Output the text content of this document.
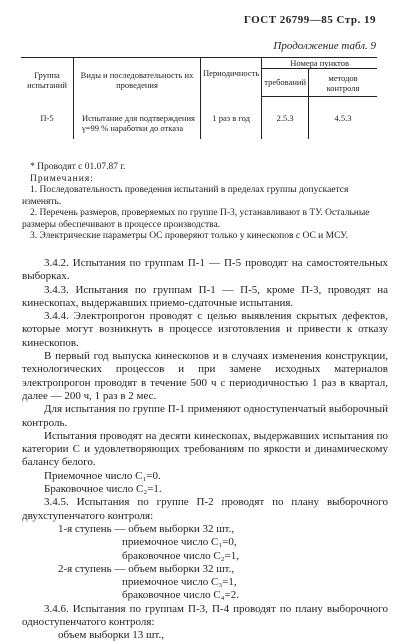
ГОСТ 26799—85 Стр. 19
Продолжение табл. 9
Группа испытаний	Виды и последовательность их проведения	Периодичность	Номера пунктов	
			требований	методов контроля
П-5	Испытание для подтверждения γ=99 % наработки до отказа	1 раз в год	2.5.3	4.5.3

* Проводят с 01.07.87 г.

Примечания:

1. Последовательность проведения испытаний в пределах группы допускается изменять.

2. Перечень размеров, проверяемых по группе П-3, устанавливают в ТУ. Остальные размеры обеспечивают в процессе производства.

3. Электрические параметры ОС проверяют только у кинескопов с ОС и МСУ.

3.4.2. Испытания по группам П-1 — П-5 проводят на самостоятельных выборках.

3.4.3. Испытания по группам П-1 — П-5, кроме П-3, проводят на кинескопах, выдержавших приемо-сдаточные испытания.

3.4.4. Электропрогон проводят с целью выявления скрытых дефектов, которые могут возникнуть в процессе изготовления и привести к отказу кинескопов.

В первый год выпуска кинескопов и в случаях изменения конструкции, технологических процессов и при замене исходных материалов электропрогон проводят в течение 500 ч с периодичностью 1 раз в квартал, далее — 200 ч, 1 раз в 2 мес.

Для испытания по группе П-1 применяют одноступенчатый выборочный контроль.

Испытания проводят на десяти кинескопах, выдержавших испытания по категории С и удовлетворяющих требованиям по яркости и динамическому балансу белого.

Приемочное число C₁=0.

Браковочное число C₂=1.

3.4.5. Испытания по группе П-2 проводят по плану выборочного двухступенчатого контроля:

1-я ступень — объем выборки 32 шт.,
приемочное число C₁=0,
браковочное число C₂=1,
2-я ступень — объем выборки 32 шт.,
приемочное число C₃=1,
браковочное число C₄=2.

3.4.6. Испытания по группам П-3, П-4 проводят по плану выборочного одноступенчатого контроля:

объем выборки 13 шт.,
